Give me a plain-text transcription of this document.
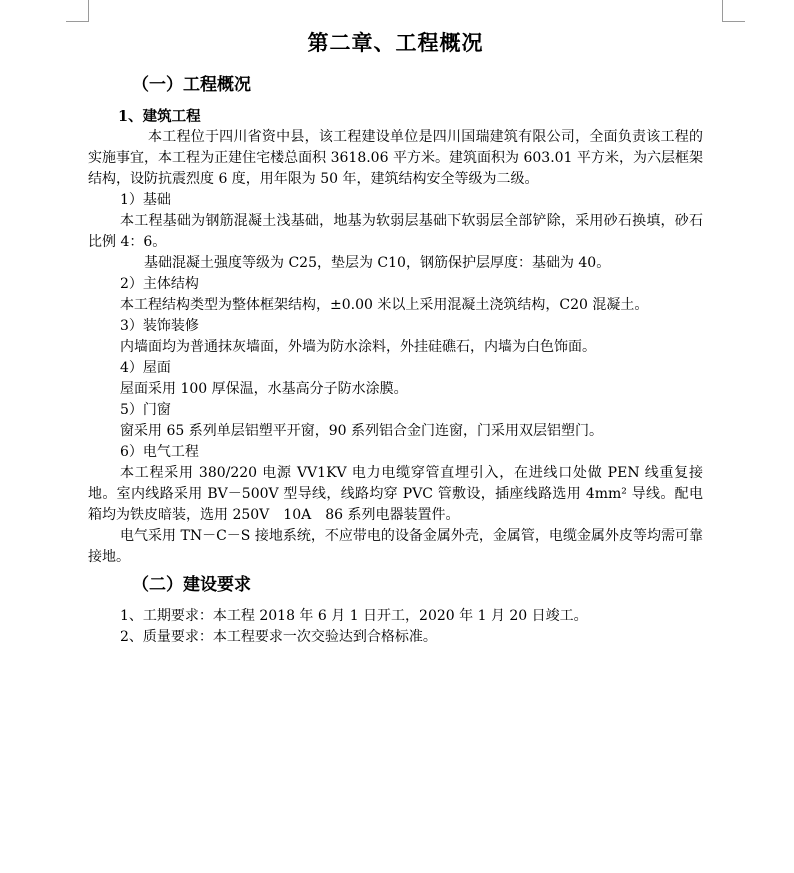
第二章、工程概况
（一）工程概况
1、建筑工程

本工程位于四川省资中县，该工程建设单位是四川国瑞建筑有限公司，全面负责该工程的实施事宜，本工程为正建住宅楼总面积 3618.06 平方米。建筑面积为 603.01 平方米，为六层框架结构，设防抗震烈度 6 度，用年限为 50 年，建筑结构安全等级为二级。

1）基础

本工程基础为钢筋混凝土浅基础，地基为软弱层基础下软弱层全部铲除，采用砂石换填，砂石比例 4：6。

基础混凝土强度等级为 C25，垫层为 C10，钢筋保护层厚度：基础为 40。

2）主体结构

本工程结构类型为整体框架结构，±0.00 米以上采用混凝土浇筑结构，C20 混凝土。

3）装饰装修

内墙面均为普通抹灰墙面，外墙为防水涂料，外挂硅礁石，内墙为白色饰面。

4）屋面

屋面采用 100 厚保温，水基高分子防水涂膜。

5）门窗

窗采用 65 系列单层铝塑平开窗，90 系列铝合金门连窗，门采用双层铝塑门。

6）电气工程

本工程采用 380/220 电源 VV1KV 电力电缆穿管直埋引入，在进线口处做 PEN 线重复接地。室内线路采用 BV－500V 型导线，线路均穿 PVC 管敷设，插座线路选用 4mm² 导线。配电箱均为铁皮暗装，选用 250V　10A　86 系列电器装置件。

电气采用 TN－C－S 接地系统，不应带电的设备金属外壳，金属管，电缆金属外皮等均需可靠接地。

（二）建设要求

1、工期要求：本工程 2018 年 6 月 1 日开工，2020 年 1 月 20 日竣工。

2、质量要求：本工程要求一次交验达到合格标准。
